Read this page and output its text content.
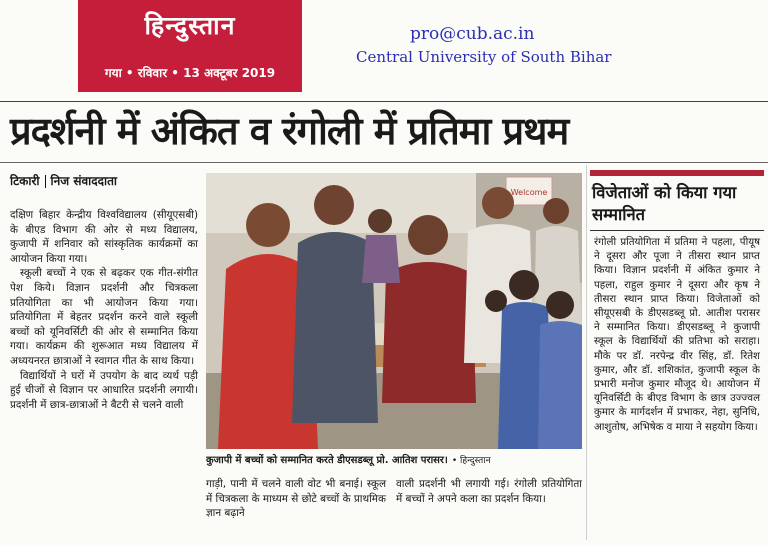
हिन्दुस्तान
गया • रविवार • 13 अक्टूबर 2019
pro@cub.ac.in
Central University of South Bihar
प्रदर्शनी में अंकित व रंगोली में प्रतिमा प्रथम
टिकारी निज संवाददाता

दक्षिण बिहार केन्द्रीय विश्वविद्यालय (सीयूएसबी) के बीएड विभाग की ओर से मध्य विद्यालय, कुजापी में शनिवार को सांस्कृतिक कार्यक्रमों का आयोजन किया गया।

स्कूली बच्चों ने एक से बढ़कर एक गीत-संगीत पेश किये। विज्ञान प्रदर्शनी और चित्रकला प्रतियोगिता का भी आयोजन किया गया। प्रतियोगिता में बेहतर प्रदर्शन करने वाले स्कूली बच्चों को यूनिवर्सिटी की ओर से सम्मानित किया गया। कार्यक्रम की शुरूआत मध्य विद्यालय में अध्ययनरत छात्राओं ने स्वागत गीत के साथ किया।

विद्यार्थियों ने घरों में उपयोग के बाद व्यर्थ पड़ी हुई चीजों से विज्ञान पर आधारित प्रदर्शनी लगायी। प्रदर्शनी में छात्र-छात्राओं ने बैटरी से चलने वाली

Welcome
कुजापी में बच्चों को सम्मानित करते डीएसडब्लू प्रो. आतिश परासर। • हिन्दुस्तान
गाड़ी, पानी में चलने वाली वोट भी बनाई। स्कूल में चित्रकला के माध्यम से छोटे बच्चों के प्राथमिक ज्ञान बढ़ाने
वाली प्रदर्शनी भी लगायी गई। रंगोली प्रतियोगिता में बच्चों ने अपने कला का प्रदर्शन किया।
विजेताओं को किया गया सम्मानित
रंगोली प्रतियोगिता में प्रतिमा ने पहला, पीयूष ने दूसरा और पूजा ने तीसरा स्थान प्राप्त किया। विज्ञान प्रदर्शनी में अंकित कुमार ने पहला, राहुल कुमार ने दूसरा और कृष ने तीसरा स्थान प्राप्त किया। विजेताओं को सीयूएसबी के डीएसडब्लू प्रो. आतीश परासर ने सम्मानित किया। डीएसडब्लू ने कुजापी स्कूल के विद्यार्थियों की प्रतिभा को सराहा। मौके पर डॉ. नरपेन्द्र वीर सिंह, डॉ. रितेश कुमार, और डॉ. शशिकांत, कुजापी स्कूल के प्रभारी मनोज कुमार मौजूद थे। आयोजन में यूनिवर्सिटी के बीएड विभाग के छात्र उज्ज्वल कुमार के मार्गदर्शन में प्रभाकर, नेहा, सुनिधि, आशुतोष, अभिषेक व माया ने सहयोग किया।
